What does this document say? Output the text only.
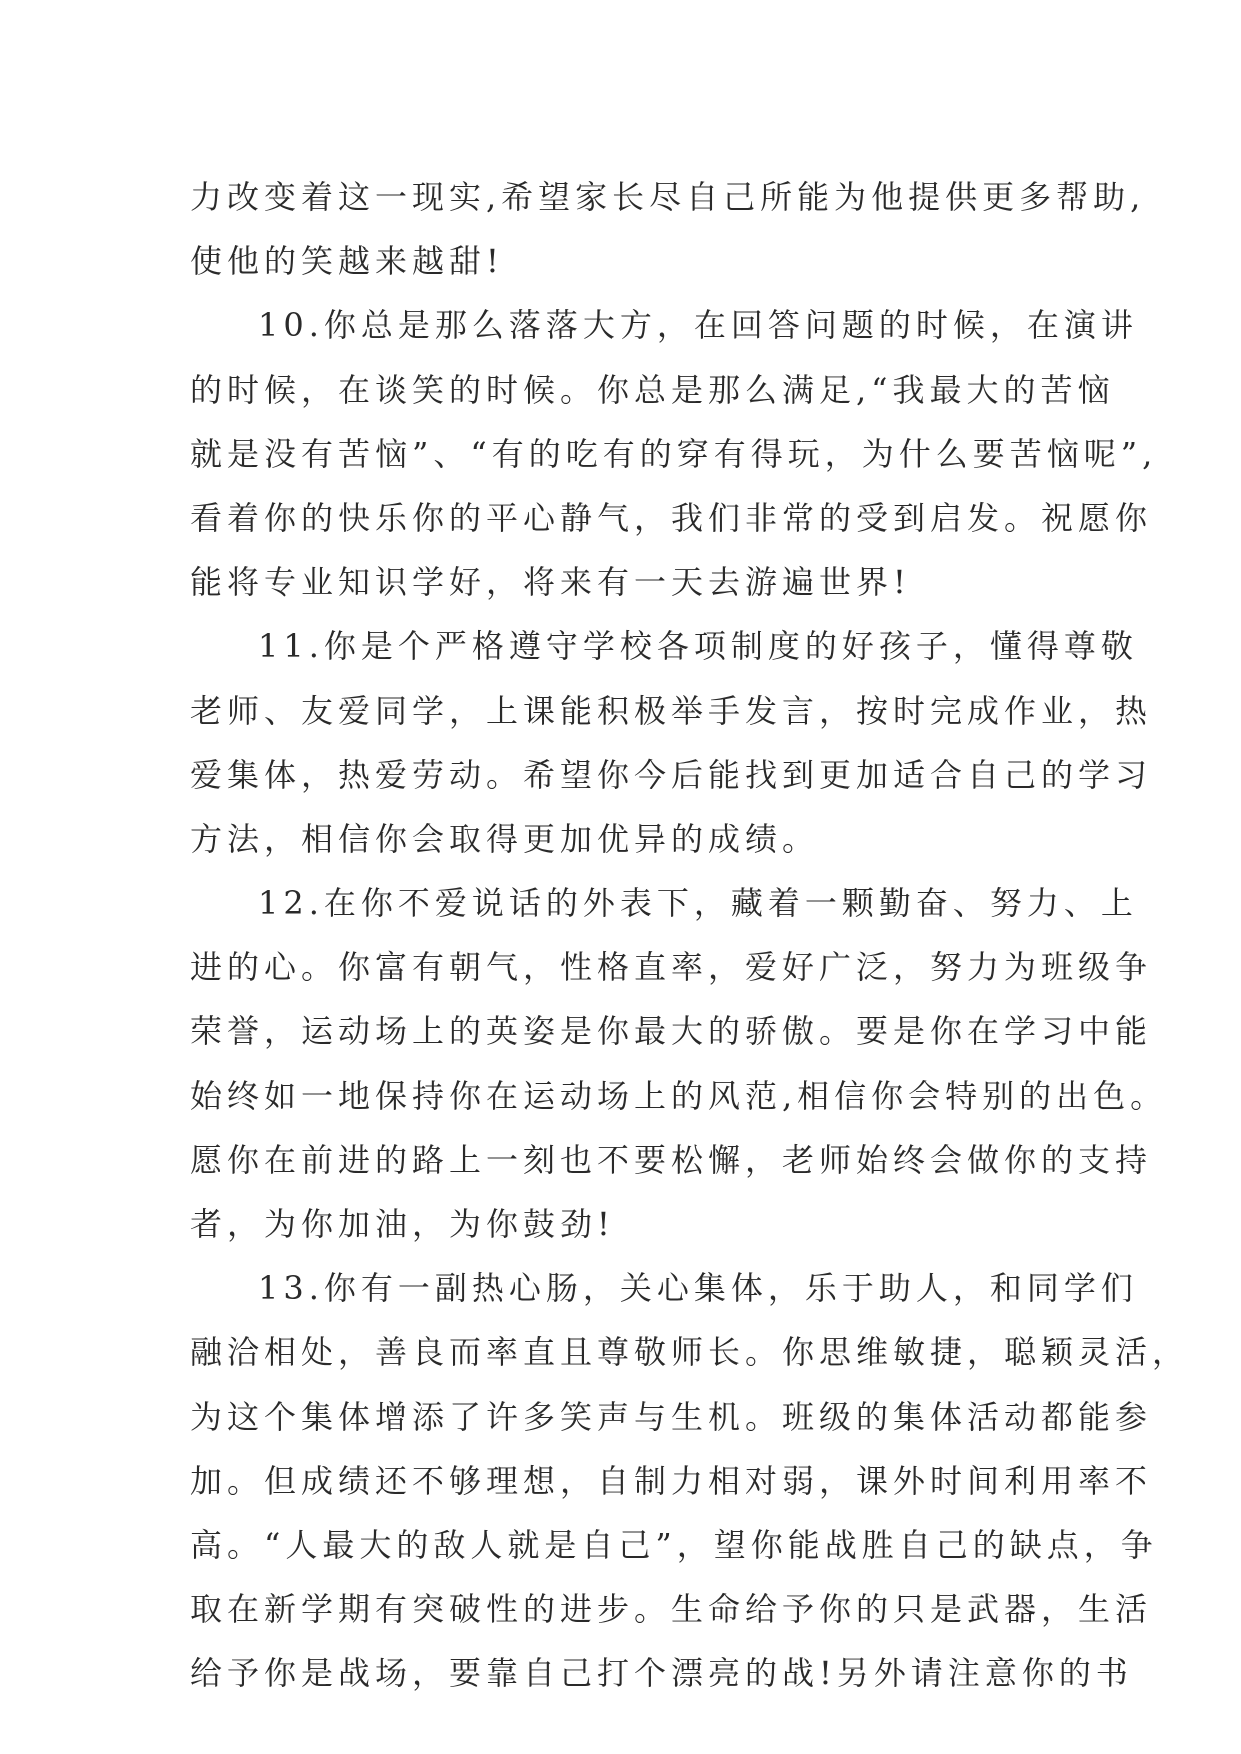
力改变着这一现实,希望家长尽自己所能为他提供更多帮助,
使他的笑越来越甜!
10.你总是那么落落大方，在回答问题的时候，在演讲
的时候，在谈笑的时候。你总是那么满足,“我最大的苦恼
就是没有苦恼”、“有的吃有的穿有得玩，为什么要苦恼呢”,
看着你的快乐你的平心静气，我们非常的受到启发。祝愿你
能将专业知识学好，将来有一天去游遍世界!
11.你是个严格遵守学校各项制度的好孩子，懂得尊敬
老师、友爱同学，上课能积极举手发言，按时完成作业，热
爱集体，热爱劳动。希望你今后能找到更加适合自己的学习
方法，相信你会取得更加优异的成绩。
12.在你不爱说话的外表下，藏着一颗勤奋、努力、上
进的心。你富有朝气，性格直率，爱好广泛，努力为班级争
荣誉，运动场上的英姿是你最大的骄傲。要是你在学习中能
始终如一地保持你在运动场上的风范,相信你会特别的出色。
愿你在前进的路上一刻也不要松懈，老师始终会做你的支持
者，为你加油，为你鼓劲!
13.你有一副热心肠，关心集体，乐于助人，和同学们
融洽相处，善良而率直且尊敬师长。你思维敏捷，聪颖灵活，
为这个集体增添了许多笑声与生机。班级的集体活动都能参
加。但成绩还不够理想，自制力相对弱，课外时间利用率不
高。“人最大的敌人就是自己”，望你能战胜自己的缺点，争
取在新学期有突破性的进步。生命给予你的只是武器，生活
给予你是战场，要靠自己打个漂亮的战!另外请注意你的书
